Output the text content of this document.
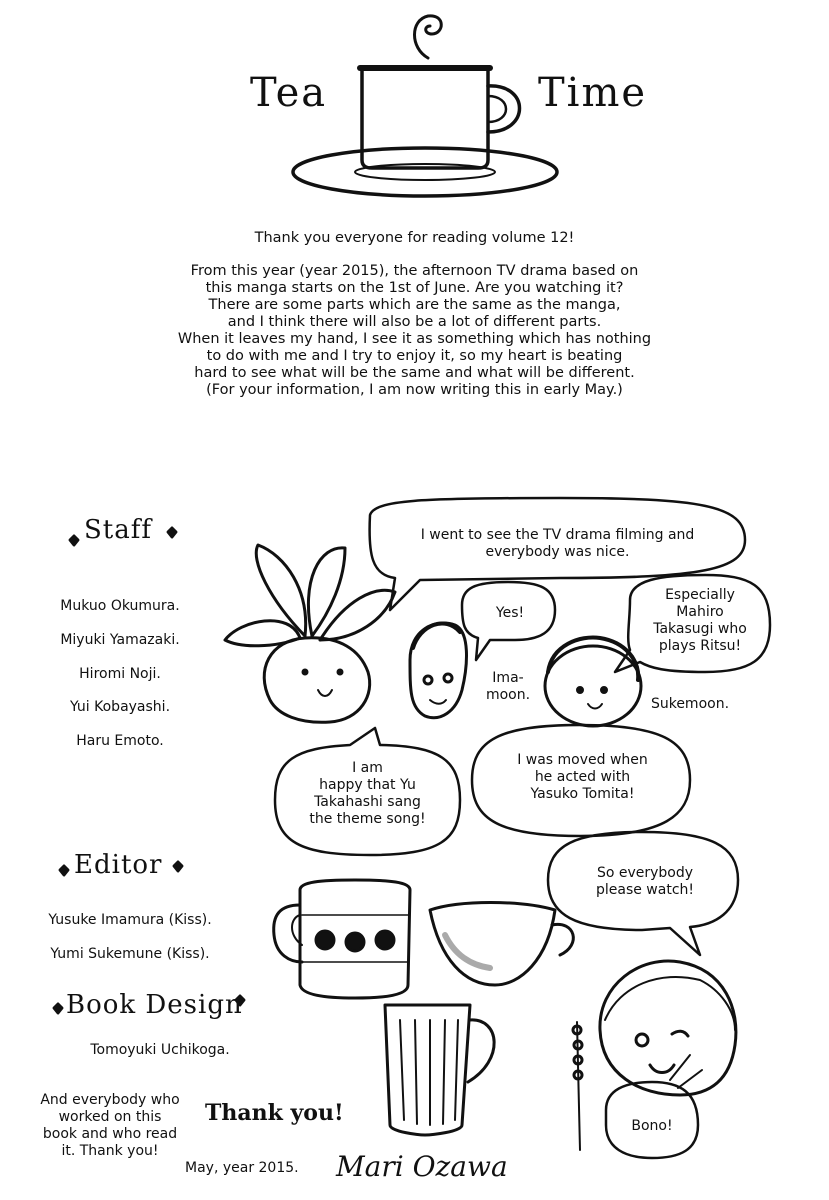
Tea	Time
Thank you everyone for reading volume 12!
From this year (year 2015), the afternoon TV drama based on
this manga starts on the 1st of June. Are you watching it?
There are some parts which are the same as the manga,
and I think there will also be a lot of different parts.
When it leaves my hand, I see it as something which has nothing
to do with me and I try to enjoy it, so my heart is beating
hard to see what will be the same and what will be different.
(For your information, I am now writing this in early May.)
Staff
Mukuo Okumura.
Miyuki Yamazaki.
Hiromi Noji.
Yui Kobayashi.
Haru Emoto.
Editor
Yusuke Imamura (Kiss).
Yumi Sukemune (Kiss).
Book Design
Tomoyuki Uchikoga.
And everybody who
worked on this
book and who read
it. Thank you!
I went to see the TV drama filming and
everybody was nice.
Yes!
Especially
Mahiro
Takasugi who
plays Ritsu!
Ima-
moon.
Sukemoon.
I am
happy that Yu
Takahashi sang
the theme song!
I was moved when
he acted with
Yasuko Tomita!
So everybody
please watch!
Bono!
Thank you!
May, year 2015.	Mari Ozawa
